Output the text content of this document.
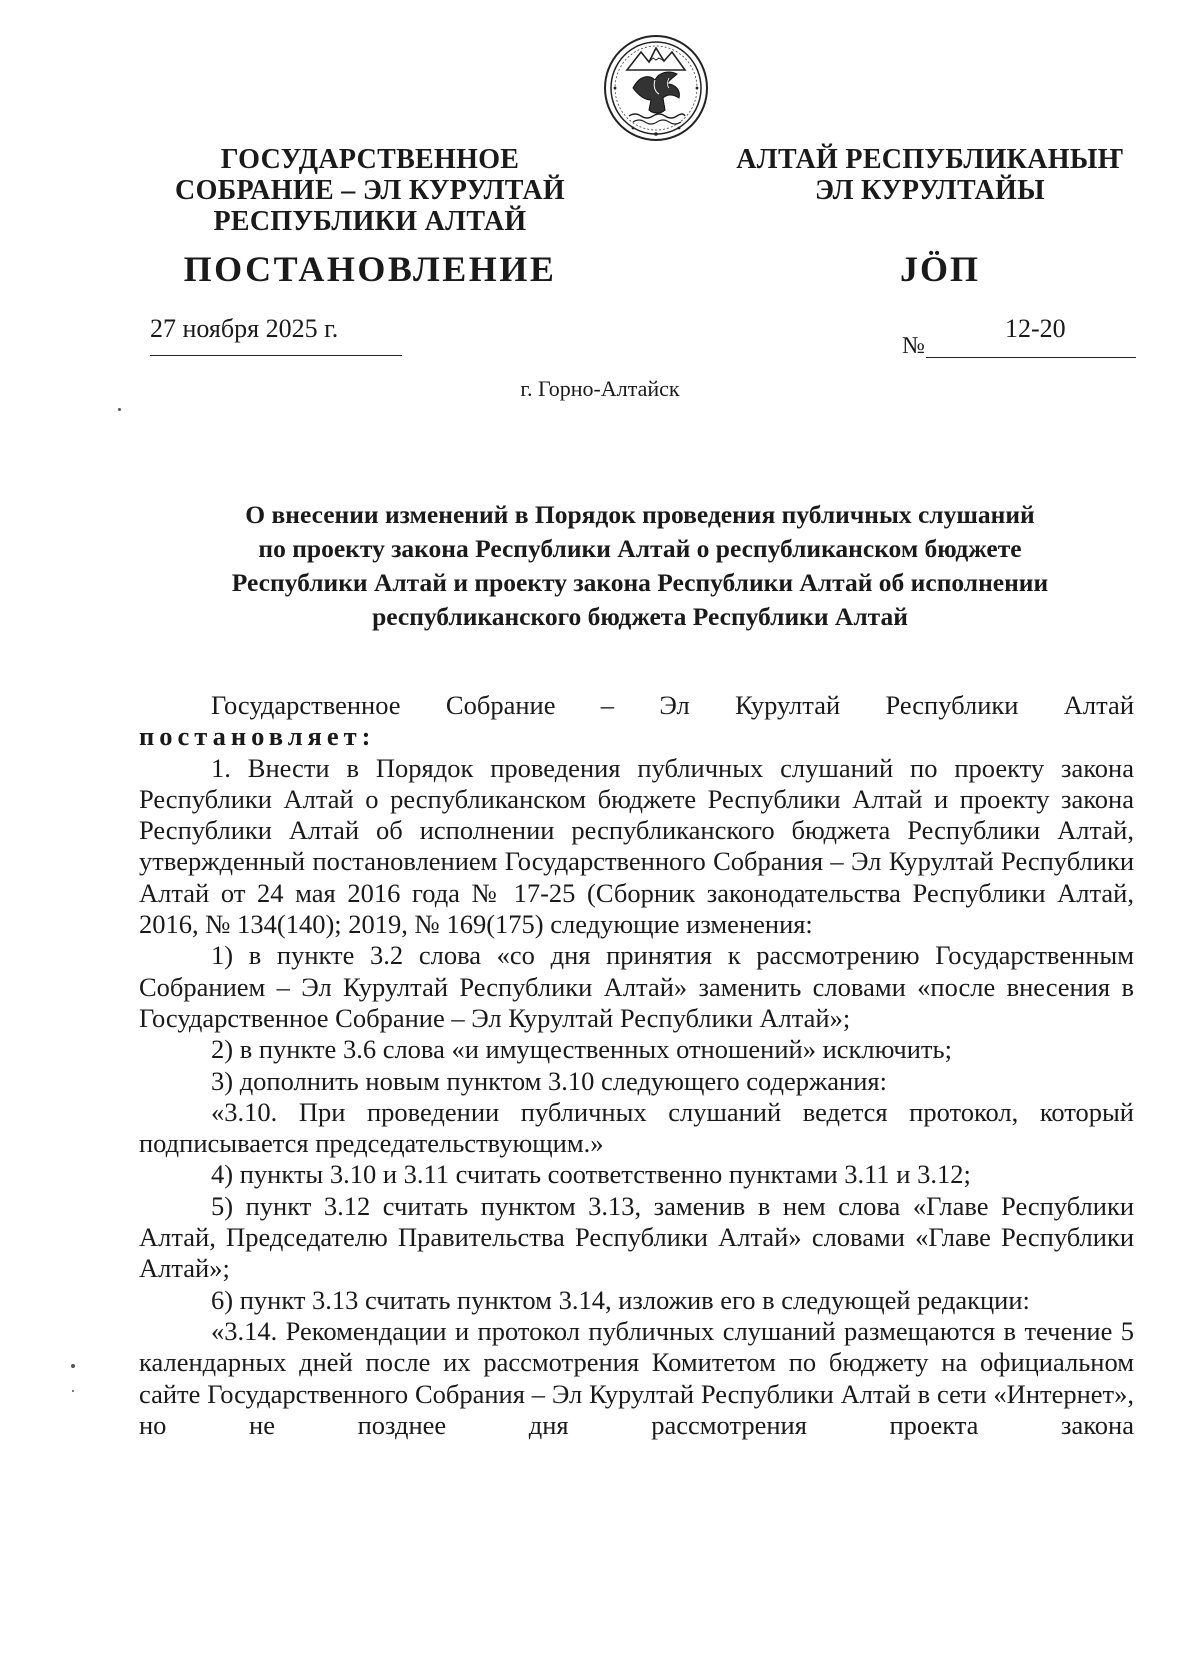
ГОСУДАРСТВЕННОЕ
СОБРАНИЕ – ЭЛ КУРУЛТАЙ
РЕСПУБЛИКИ АЛТАЙ
АЛТАЙ РЕСПУБЛИКАНЫҤ
ЭЛ КУРУЛТАЙЫ
ПОСТАНОВЛЕНИЕ	JÖП
27 ноября 2025 г.
№
12-20
г. Горно-Алтайск
О внесении изменений в Порядок проведения публичных слушаний
по проекту закона Республики Алтай о республиканском бюджете
Республики Алтай и проекту закона Республики Алтай об исполнении
республиканского бюджета Республики Алтай

Государственное Собрание – Эл Курултай Республики Алтай

постановляет:

1. Внести в Порядок проведения публичных слушаний по проекту закона Республики Алтай о республиканском бюджете Республики Алтай и проекту закона Республики Алтай об исполнении республиканского бюджета Республики Алтай, утвержденный постановлением Государственного Собрания – Эл Курултай Республики Алтай от 24 мая 2016 года № 17-25 (Сборник законодательства Республики Алтай, 2016, № 134(140); 2019, № 169(175) следующие изменения:

1) в пункте 3.2 слова «со дня принятия к рассмотрению Государственным Собранием – Эл Курултай Республики Алтай» заменить словами «после внесения в Государственное Собрание – Эл Курултай Республики Алтай»;

2) в пункте 3.6 слова «и имущественных отношений» исключить;

3) дополнить новым пунктом 3.10 следующего содержания:

«3.10. При проведении публичных слушаний ведется протокол, который подписывается председательствующим.»

4) пункты 3.10 и 3.11 считать соответственно пунктами 3.11 и 3.12;

5) пункт 3.12 считать пунктом 3.13, заменив в нем слова «Главе Республики Алтай, Председателю Правительства Республики Алтай» словами «Главе Республики Алтай»;

6) пункт 3.13 считать пунктом 3.14, изложив его в следующей редакции:

«3.14. Рекомендации и протокол публичных слушаний размещаются в течение 5 календарных дней после их рассмотрения Комитетом по бюджету на официальном сайте Государственного Собрания – Эл Курултай Республики Алтай в сети «Интернет», но не позднее дня рассмотрения проекта закона
